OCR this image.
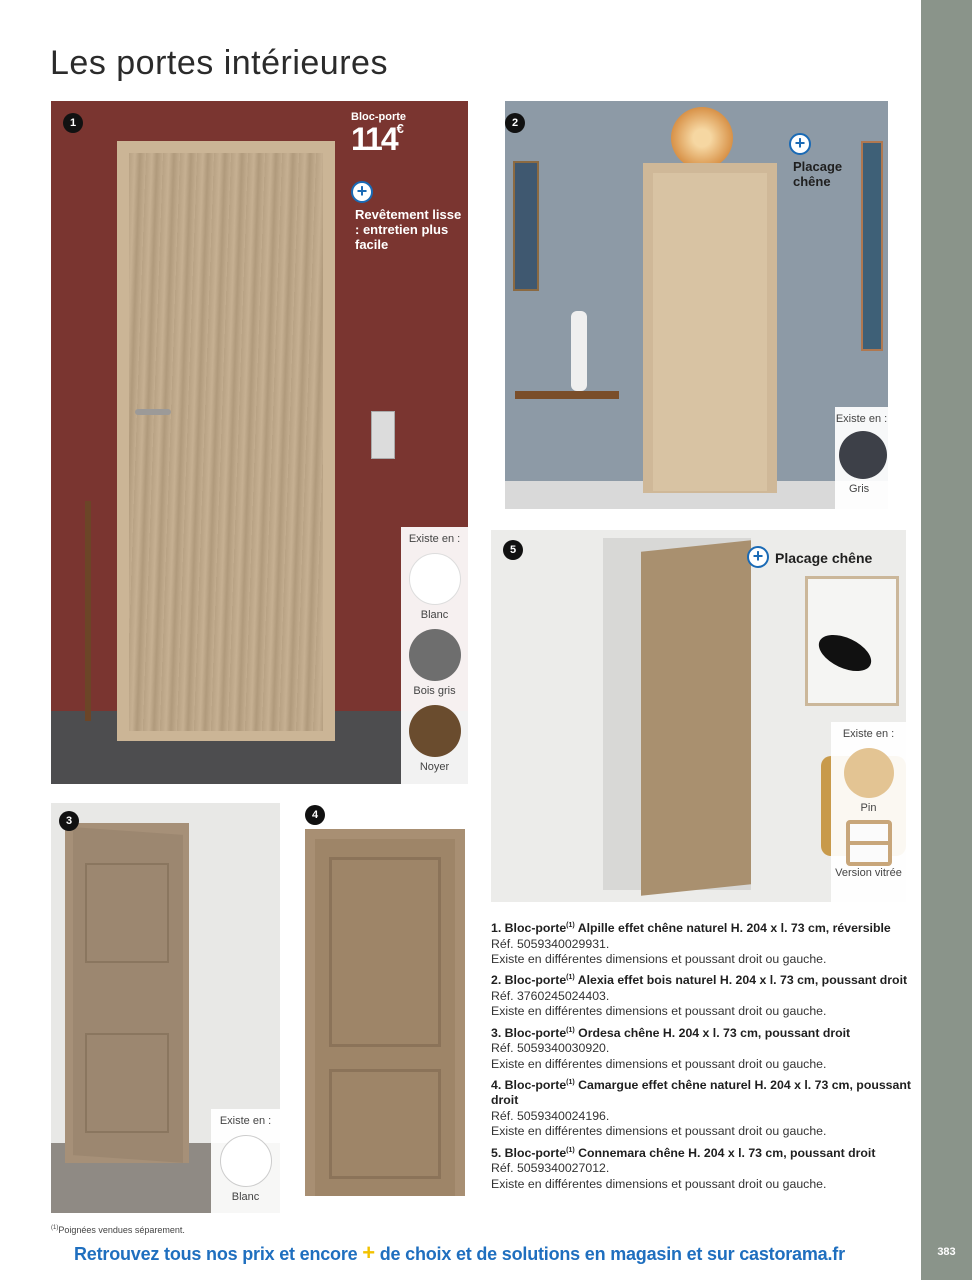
383
Les portes intérieures
1	Bloc-porte
114€
+
Revêtement lisse : entretien plus facile
Existe en :
Blanc
Bois gris
Noyer
2
+
Placage chêne
Existe en :
Gris
5	+ Placage chêne
Existe en :
Pin
Version vitrée
3
Existe en :
Blanc
4
1. Bloc-porte$^{(1)}$ Alpille effet chêne naturel H. 204 x l. 73 cm, réversible
Réf. 5059340029931.
Existe en différentes dimensions et poussant droit ou gauche.
2. Bloc-porte$^{(1)}$ Alexia effet bois naturel H. 204 x l. 73 cm, poussant droit
Réf. 3760245024403.
Existe en différentes dimensions et poussant droit ou gauche.
3. Bloc-porte$^{(1)}$ Ordesa chêne H. 204 x l. 73 cm, poussant droit
Réf. 5059340030920.
Existe en différentes dimensions et poussant droit ou gauche.
4. Bloc-porte$^{(1)}$ Camargue effet chêne naturel H. 204 x l. 73 cm, poussant droit
Réf. 5059340024196.
Existe en différentes dimensions et poussant droit ou gauche.
5. Bloc-porte$^{(1)}$ Connemara chêne H. 204 x l. 73 cm, poussant droit
Réf. 5059340027012.
Existe en différentes dimensions et poussant droit ou gauche.
$^{(1)}$Poignées vendues séparement.
Retrouvez tous nos prix et encore + de choix et de solutions en magasin et sur castorama.fr
